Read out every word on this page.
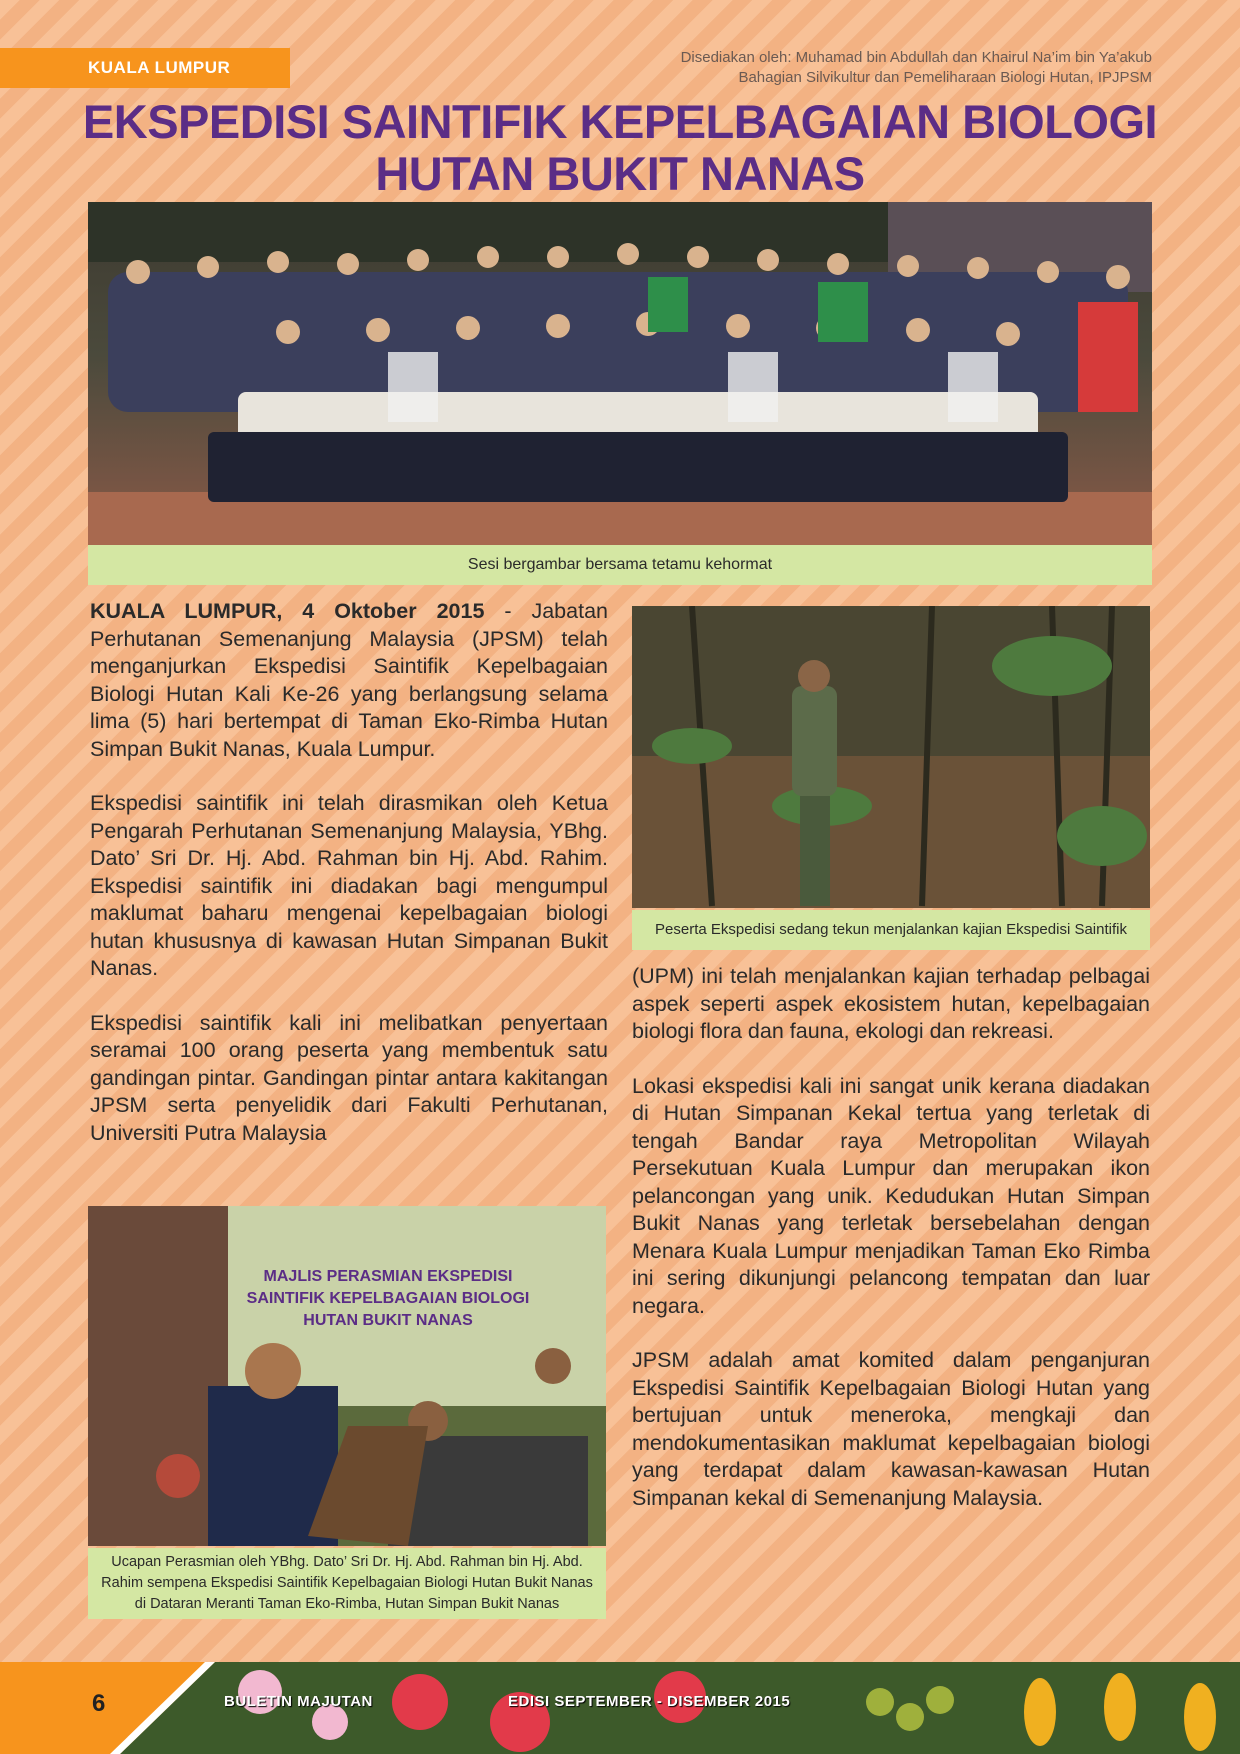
KUALA LUMPUR
Disediakan oleh: Muhamad bin Abdullah dan Khairul Na’im bin Ya’akub
Bahagian Silvikultur dan Pemeliharaan Biologi Hutan, IPJPSM
EKSPEDISI SAINTIFIK KEPELBAGAIAN BIOLOGI
HUTAN BUKIT NANAS
Sesi bergambar bersama tetamu kehormat

KUALA LUMPUR, 4 Oktober 2015 - Jabatan Perhutanan Semenanjung Malaysia (JPSM) telah menganjurkan Ekspedisi Saintifik Kepelbagaian Biologi Hutan Kali Ke-26 yang berlangsung selama lima (5) hari bertempat di Taman Eko-Rimba Hutan Simpan Bukit Nanas, Kuala Lumpur.

Ekspedisi saintifik ini telah dirasmikan oleh Ketua Pengarah Perhutanan Semenanjung Malaysia, YBhg. Dato’ Sri Dr. Hj. Abd. Rahman bin Hj. Abd. Rahim. Ekspedisi saintifik ini diadakan bagi mengumpul maklumat baharu mengenai kepelbagaian biologi hutan khususnya di kawasan Hutan Simpanan Bukit Nanas.

Ekspedisi saintifik kali ini melibatkan penyertaan seramai 100 orang peserta yang membentuk satu gandingan pintar. Gandingan pintar antara kakitangan JPSM serta penyelidik dari Fakulti Perhutanan, Universiti Putra Malaysia

Peserta Ekspedisi sedang tekun menjalankan kajian Ekspedisi Saintifik

(UPM) ini telah menjalankan kajian terhadap pelbagai aspek seperti aspek ekosistem hutan, kepelbagaian biologi flora dan fauna, ekologi dan rekreasi.

Lokasi ekspedisi kali ini sangat unik kerana diadakan di Hutan Simpanan Kekal tertua yang terletak di tengah Bandar raya Metropolitan Wilayah Persekutuan Kuala Lumpur dan merupakan ikon pelancongan yang unik. Kedudukan Hutan Simpan Bukit Nanas yang terletak bersebelahan dengan Menara Kuala Lumpur menjadikan Taman Eko Rimba ini sering dikunjungi pelancong tempatan dan luar negara.

JPSM adalah amat komited dalam penganjuran Ekspedisi Saintifik Kepelbagaian Biologi Hutan yang bertujuan untuk meneroka, mengkaji dan mendokumentasikan maklumat kepelbagaian biologi yang terdapat dalam kawasan-kawasan Hutan Simpanan kekal di Semenanjung Malaysia.

MAJLIS PERASMIAN EKSPEDISI SAINTIFIK KEPELBAGAIAN BIOLOGI HUTAN BUKIT NANAS
Ucapan Perasmian oleh YBhg. Dato’ Sri Dr. Hj. Abd. Rahman bin Hj. Abd. Rahim sempena Ekspedisi Saintifik Kepelbagaian Biologi Hutan Bukit Nanas di Dataran Meranti Taman Eko-Rimba, Hutan Simpan Bukit Nanas
6	BULETIN MAJUTAN	EDISI SEPTEMBER - DISEMBER 2015
